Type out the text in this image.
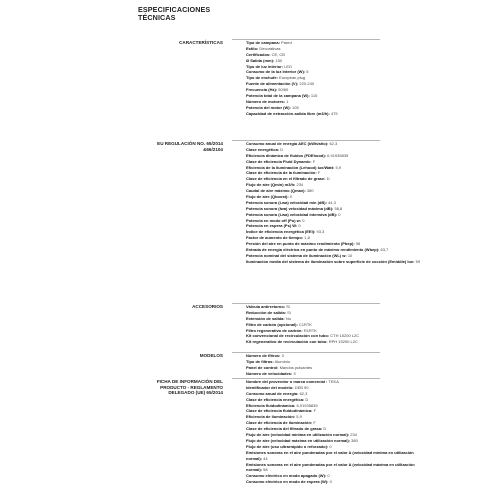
ESPECIFICACIONES
TÉCNICAS
CARACTERÍSTICAS	Tipo de campana: Pared
Estilo: Decorativas
Certificados: CE, CB
Ø Salida (mm): 150
Tipo de luz interior: LED
Consumo de la luz interior (W): 5
Tipo de enchufe: European plug
Fuente de alimentación (V): 220-240
Frecuencia (Hz): 50/60
Potencia total de la campana (W): 115
Número de motores: 1
Potencia del motor (W): 105
Capacidad de extracción-salida libre (m3/h): 475
EU REGULACIÓN NO. 65/2014
&66/2104
Consumo anual de energía AEC (kWh/año): 62,3
Clase energética: D
Eficiencia dinámica de fluidos (FDEhood): 6,91935839
Clase de eficiencia Fluid Dynamic: F
Eficiencia de la iluminación (Lehood) lux/Watt: 5,9
Clase de eficiencia de la iluminación: F
Clase de eficiencia en el filtrado de grase: D
Flujo de aire (Qmin) m3/h: 234
Caudal de aire máximo (Qmax): 380
Flujo de aire (Qboost): 0
Potencia sonora (Lwa) velocidad min (dB): 44,3
Potencia sonora (lwa) velocidad máxima (dB): 58,8
Potencia sonora (Lwa) velocidad intensiva (dB): 0
Potencia en modo off (Po) w: 0
Potencia en espera (Ps) W: 0
Índice de eficiencia energética (EEI): 93,3
Factor de aumento de tiempo: 1,8
Presión del aire en punto de máximo rendimiento (Pbep): 98
Entrada de energía eléctrica en punto de máximo rendimiento (Wbep): 63,7
Potencia nominal del sistema de iluminación (WL) w: 10
Iluminación media del sistema de iluminación sobre superficie de cocción (Emiddle) lux: 59
ACCESORIOS	Válvula antirretorno: Sí
Reducción de salida: Sí
Extensión de salida: No
Filtro de carbón (opcional): C1RTK
Filtro regenerativo de carbón: R1RTK
Kit convencional de recirculación con tubo: CTH 15200 L2C
Kit regenerativo de recirculación con tubo: RPH 15200 L2C
MODELOS	Número de filtros: 3
Tipo de filtros: Aluminio
Panel de control: Mandos pulsantes
Número de velocidades: 3
FICHA DE INFORMACIÓN DEL
PRODUCTO - REGLAMENTO
DELEGADO (UE) 65/2014
Nombre del proveedor o marca comercial : TEKA
Identificador del modelo: DEB 90
Consumo anual de energía: 62,3
Clase de eficiencia energética: D
Eficiencia fluidodinámica: 6,91935839
Clase de eficiencia fluidodinámica: F
Eficiencia de iluminación: 5,9
Clase de eficiencia de iluminación: F
Clase de eficiencia del filtrado de grasa: D
Flujo de aire (velocidad mínima en utilización normal): 234
Flujo de aire (velocidad máxima en utilización normal): 380
Flujo de aire (uso ultrarrápido o reforzado): 0
Emisiones sonoras en el aire ponderadas por el valor A (velocidad mínima en utilización normal): 44
Emisiones sonoras en el aire ponderadas por el valor A (velocidad máxima en utilización normal): 58
Consumo eléctrico en modo apagado (W): 0
Consumo eléctrico en modo de espera (W): 0
